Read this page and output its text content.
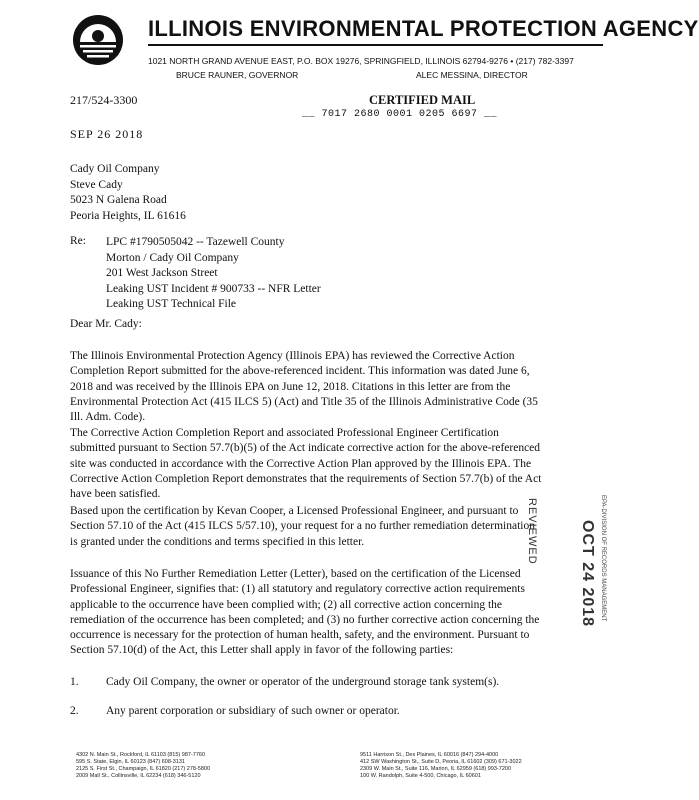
ILLINOIS ENVIRONMENTAL PROTECTION AGENCY
1021 NORTH GRAND AVENUE EAST, P.O. BOX 19276, SPRINGFIELD, ILLINOIS 62794-9276 • (217) 782-3397
BRUCE RAUNER, GOVERNOR	ALEC MESSINA, DIRECTOR
217/524-3300	CERTIFIED MAIL
__ 7017 2680 0001 0205 6697 __
SEP 26 2018
Cady Oil Company
Steve Cady
5023 N Galena Road
Peoria Heights, IL 61616
Re: LPC #1790505042 -- Tazewell County
Morton / Cady Oil Company
201 West Jackson Street
Leaking UST Incident # 900733 -- NFR Letter
Leaking UST Technical File
Dear Mr. Cady:
The Illinois Environmental Protection Agency (Illinois EPA) has reviewed the Corrective Action Completion Report submitted for the above-referenced incident. This information was dated June 6, 2018 and was received by the Illinois EPA on June 12, 2018. Citations in this letter are from the Environmental Protection Act (415 ILCS 5) (Act) and Title 35 of the Illinois Administrative Code (35 Ill. Adm. Code).
The Corrective Action Completion Report and associated Professional Engineer Certification submitted pursuant to Section 57.7(b)(5) of the Act indicate corrective action for the above-referenced site was conducted in accordance with the Corrective Action Plan approved by the Illinois EPA. The Corrective Action Completion Report demonstrates that the requirements of Section 57.7(b) of the Act have been satisfied.
Based upon the certification by Kevan Cooper, a Licensed Professional Engineer, and pursuant to Section 57.10 of the Act (415 ILCS 5/57.10), your request for a no further remediation determination is granted under the conditions and terms specified in this letter.
Issuance of this No Further Remediation Letter (Letter), based on the certification of the Licensed Professional Engineer, signifies that: (1) all statutory and regulatory corrective action requirements applicable to the occurrence have been complied with; (2) all corrective action concerning the remediation of the occurrence has been completed; and (3) no further corrective action concerning the occurrence is necessary for the protection of human health, safety, and the environment. Pursuant to Section 57.10(d) of the Act, this Letter shall apply in favor of the following parties:
1. Cady Oil Company, the owner or operator of the underground storage tank system(s).
2. Any parent corporation or subsidiary of such owner or operator.
REVIEWED	OCT 24 2018 EPA-DIVISION OF RECORDS MANAGEMENT
4302 N. Main St., Rockford, IL 61103 (815) 987-7760
595 S. State, Elgin, IL 60123 (847) 608-3131
2125 S. First St., Champaign, IL 61820 (217) 278-5800
2009 Mall St., Collinsville, IL 62234 (618) 346-5120
9511 Harrison St., Des Plaines, IL 60016 (847) 294-4000
412 SW Washington St., Suite D, Peoria, IL 61602 (309) 671-3022
2309 W. Main St., Suite 116, Marion, IL 62959 (618) 993-7200
100 W. Randolph, Suite 4-500, Chicago, IL 60601
